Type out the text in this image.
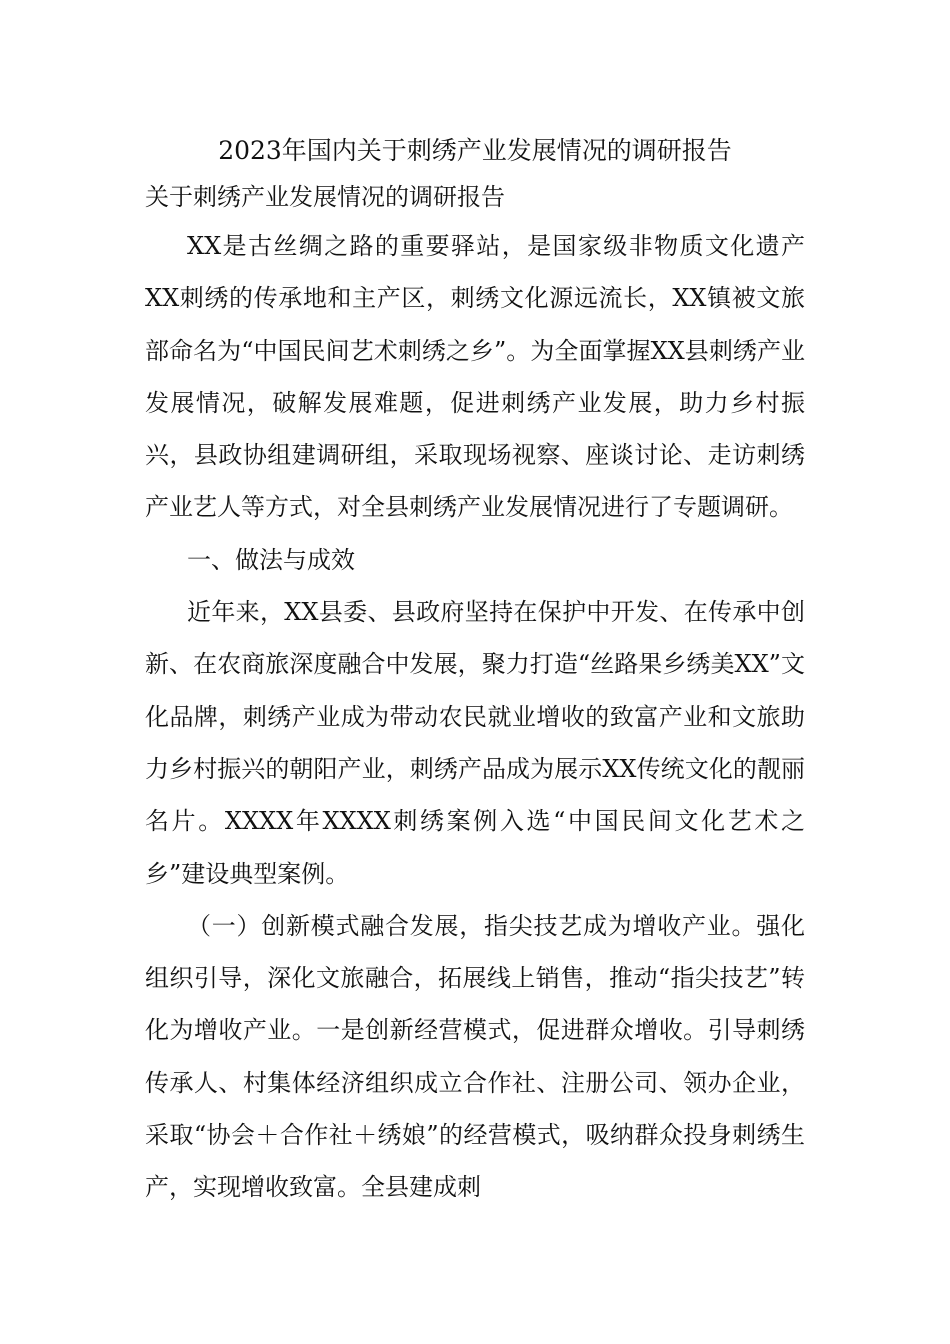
2023年国内关于刺绣产业发展情况的调研报告

关于刺绣产业发展情况的调研报告

XX是古丝绸之路的重要驿站，是国家级非物质文化遗产XX刺绣的传承地和主产区，刺绣文化源远流长，XX镇被文旅部命名为“中国民间艺术刺绣之乡”。为全面掌握XX县刺绣产业发展情况，破解发展难题，促进刺绣产业发展，助力乡村振兴，县政协组建调研组，采取现场视察、座谈讨论、走访刺绣产业艺人等方式，对全县刺绣产业发展情况进行了专题调研。

一、做法与成效

近年来，XX县委、县政府坚持在保护中开发、在传承中创新、在农商旅深度融合中发展，聚力打造“丝路果乡绣美XX”文化品牌，刺绣产业成为带动农民就业增收的致富产业和文旅助力乡村振兴的朝阳产业，刺绣产品成为展示XX传统文化的靓丽名片。XXXX年XXXX刺绣案例入选“中国民间文化艺术之乡”建设典型案例。

（一）创新模式融合发展，指尖技艺成为增收产业。强化组织引导，深化文旅融合，拓展线上销售，推动“指尖技艺”转化为增收产业。一是创新经营模式，促进群众增收。引导刺绣传承人、村集体经济组织成立合作社、注册公司、领办企业，采取“协会＋合作社＋绣娘”的经营模式，吸纳群众投身刺绣生产，实现增收致富。全县建成刺
